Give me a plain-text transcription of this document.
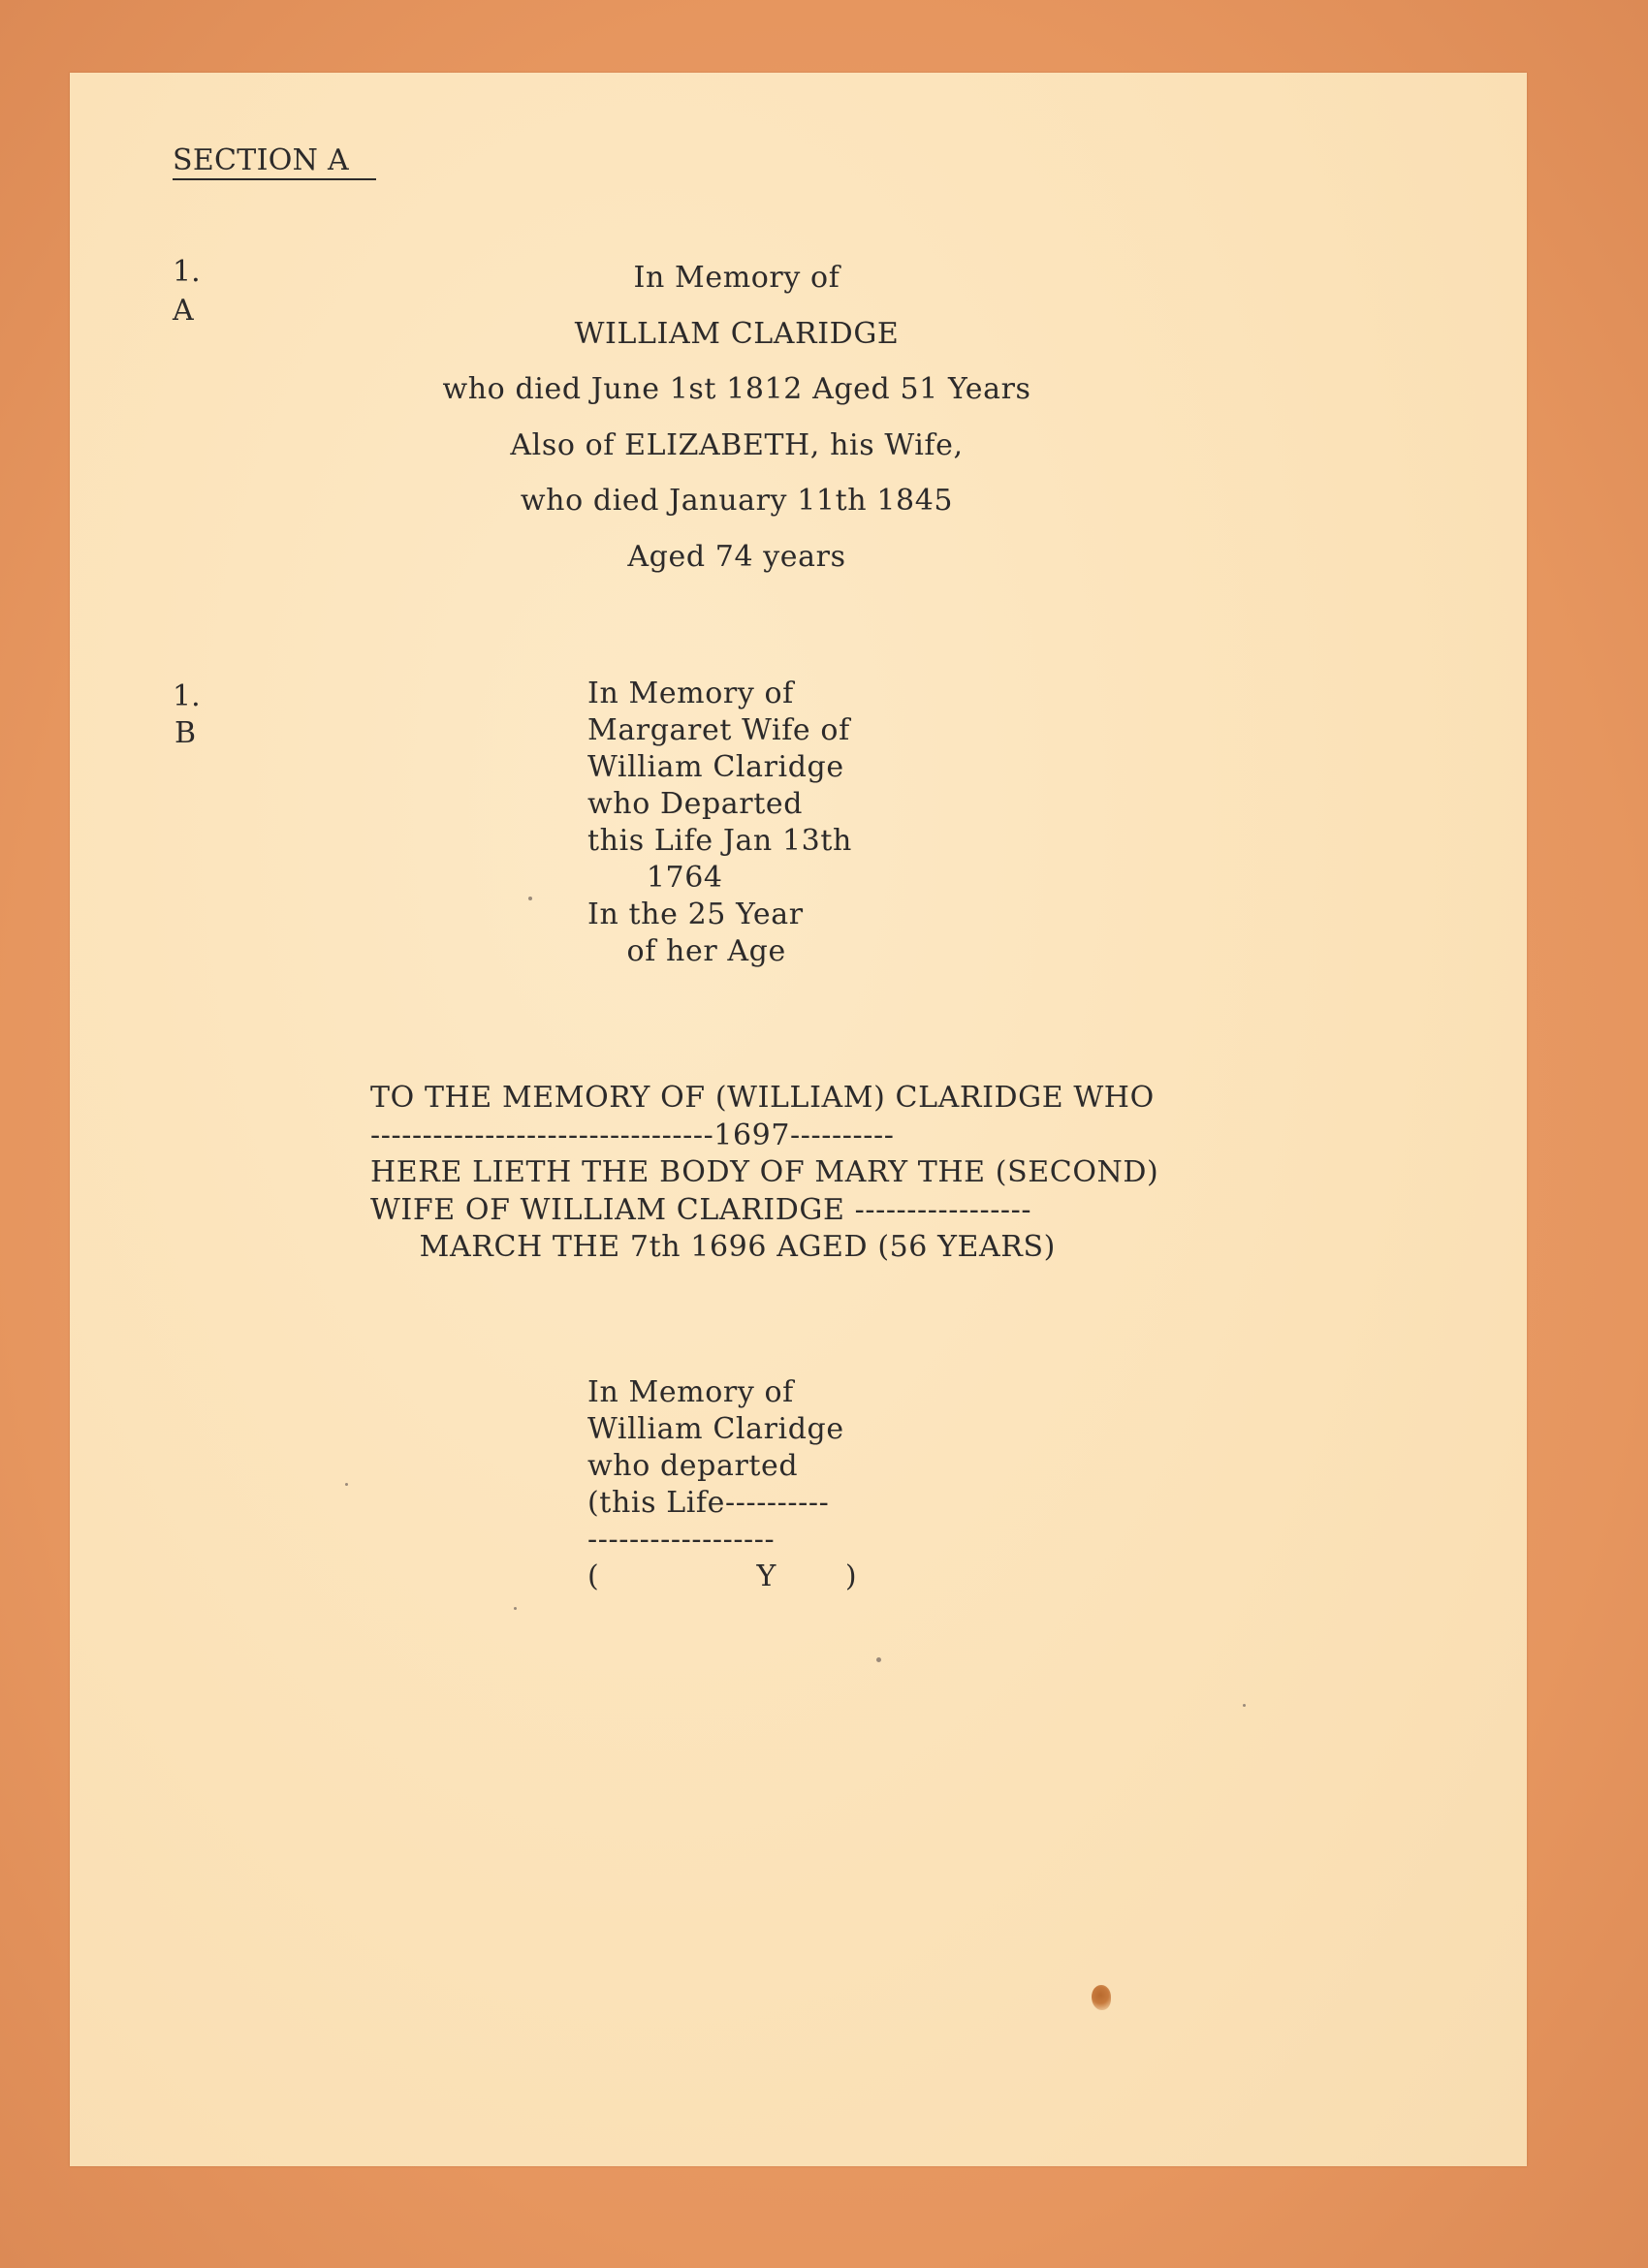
SECTION A
1.
A
In Memory of
WILLIAM CLARIDGE
who died June 1st 1812 Aged 51 Years
Also of ELIZABETH, his Wife,
who died January 11th 1845
Aged 74 years
1.
B
In Memory of
Margaret Wife of
William Claridge
who Departed
this Life Jan 13th
1764
In the 25 Year
of her Age
TO THE MEMORY OF (WILLIAM) CLARIDGE WHO
---------------------------------1697----------
HERE LIETH THE BODY OF MARY THE (SECOND)
WIFE OF WILLIAM CLARIDGE -----------------
MARCH THE 7th 1696 AGED (56 YEARS)
In Memory of
William Claridge
who departed
(this Life----------
------------------
(                Y       )
